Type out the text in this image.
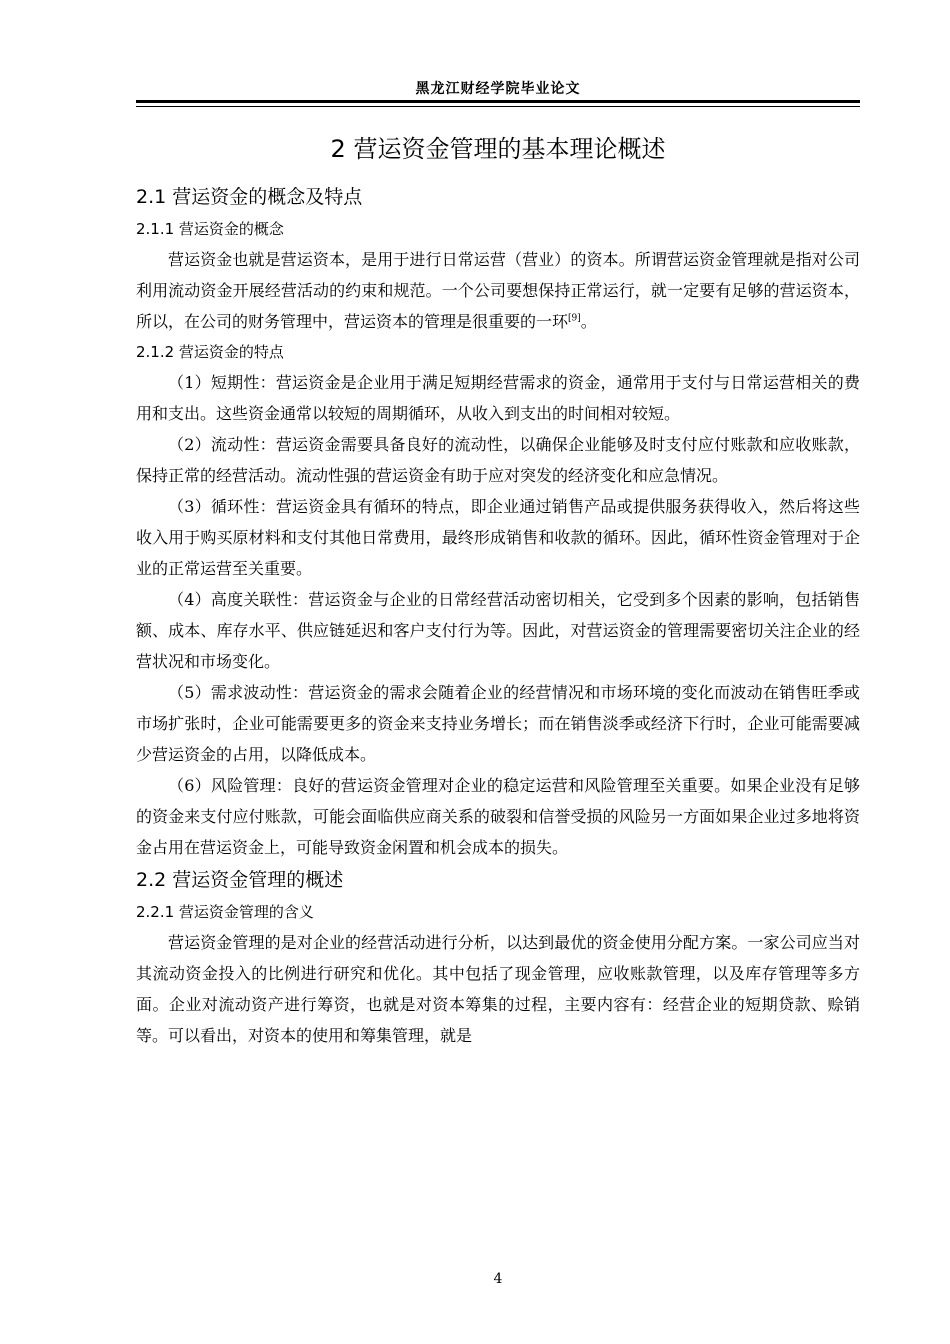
黑龙江财经学院毕业论文
2 营运资金管理的基本理论概述
2.1 营运资金的概念及特点
2.1.1 营运资金的概念

营运资金也就是营运资本，是用于进行日常运营（营业）的资本。所谓营运资金管理就是指对公司利用流动资金开展经营活动的约束和规范。一个公司要想保持正常运行，就一定要有足够的营运资本，所以，在公司的财务管理中，营运资本的管理是很重要的一环[9]。

2.1.2 营运资金的特点

（1）短期性：营运资金是企业用于满足短期经营需求的资金，通常用于支付与日常运营相关的费用和支出。这些资金通常以较短的周期循环，从收入到支出的时间相对较短。

（2）流动性：营运资金需要具备良好的流动性，以确保企业能够及时支付应付账款和应收账款，保持正常的经营活动。流动性强的营运资金有助于应对突发的经济变化和应急情况。

（3）循环性：营运资金具有循环的特点，即企业通过销售产品或提供服务获得收入，然后将这些收入用于购买原材料和支付其他日常费用，最终形成销售和收款的循环。因此，循环性资金管理对于企业的正常运营至关重要。

（4）高度关联性：营运资金与企业的日常经营活动密切相关，它受到多个因素的影响，包括销售额、成本、库存水平、供应链延迟和客户支付行为等。因此，对营运资金的管理需要密切关注企业的经营状况和市场变化。

（5）需求波动性：营运资金的需求会随着企业的经营情况和市场环境的变化而波动在销售旺季或市场扩张时，企业可能需要更多的资金来支持业务增长；而在销售淡季或经济下行时，企业可能需要减少营运资金的占用，以降低成本。

（6）风险管理：良好的营运资金管理对企业的稳定运营和风险管理至关重要。如果企业没有足够的资金来支付应付账款，可能会面临供应商关系的破裂和信誉受损的风险另一方面如果企业过多地将资金占用在营运资金上，可能导致资金闲置和机会成本的损失。

2.2 营运资金管理的概述
2.2.1 营运资金管理的含义

营运资金管理的是对企业的经营活动进行分析，以达到最优的资金使用分配方案。一家公司应当对其流动资金投入的比例进行研究和优化。其中包括了现金管理，应收账款管理，以及库存管理等多方面。企业对流动资产进行筹资，也就是对资本筹集的过程，主要内容有：经营企业的短期贷款、赊销等。可以看出，对资本的使用和筹集管理，就是

4
